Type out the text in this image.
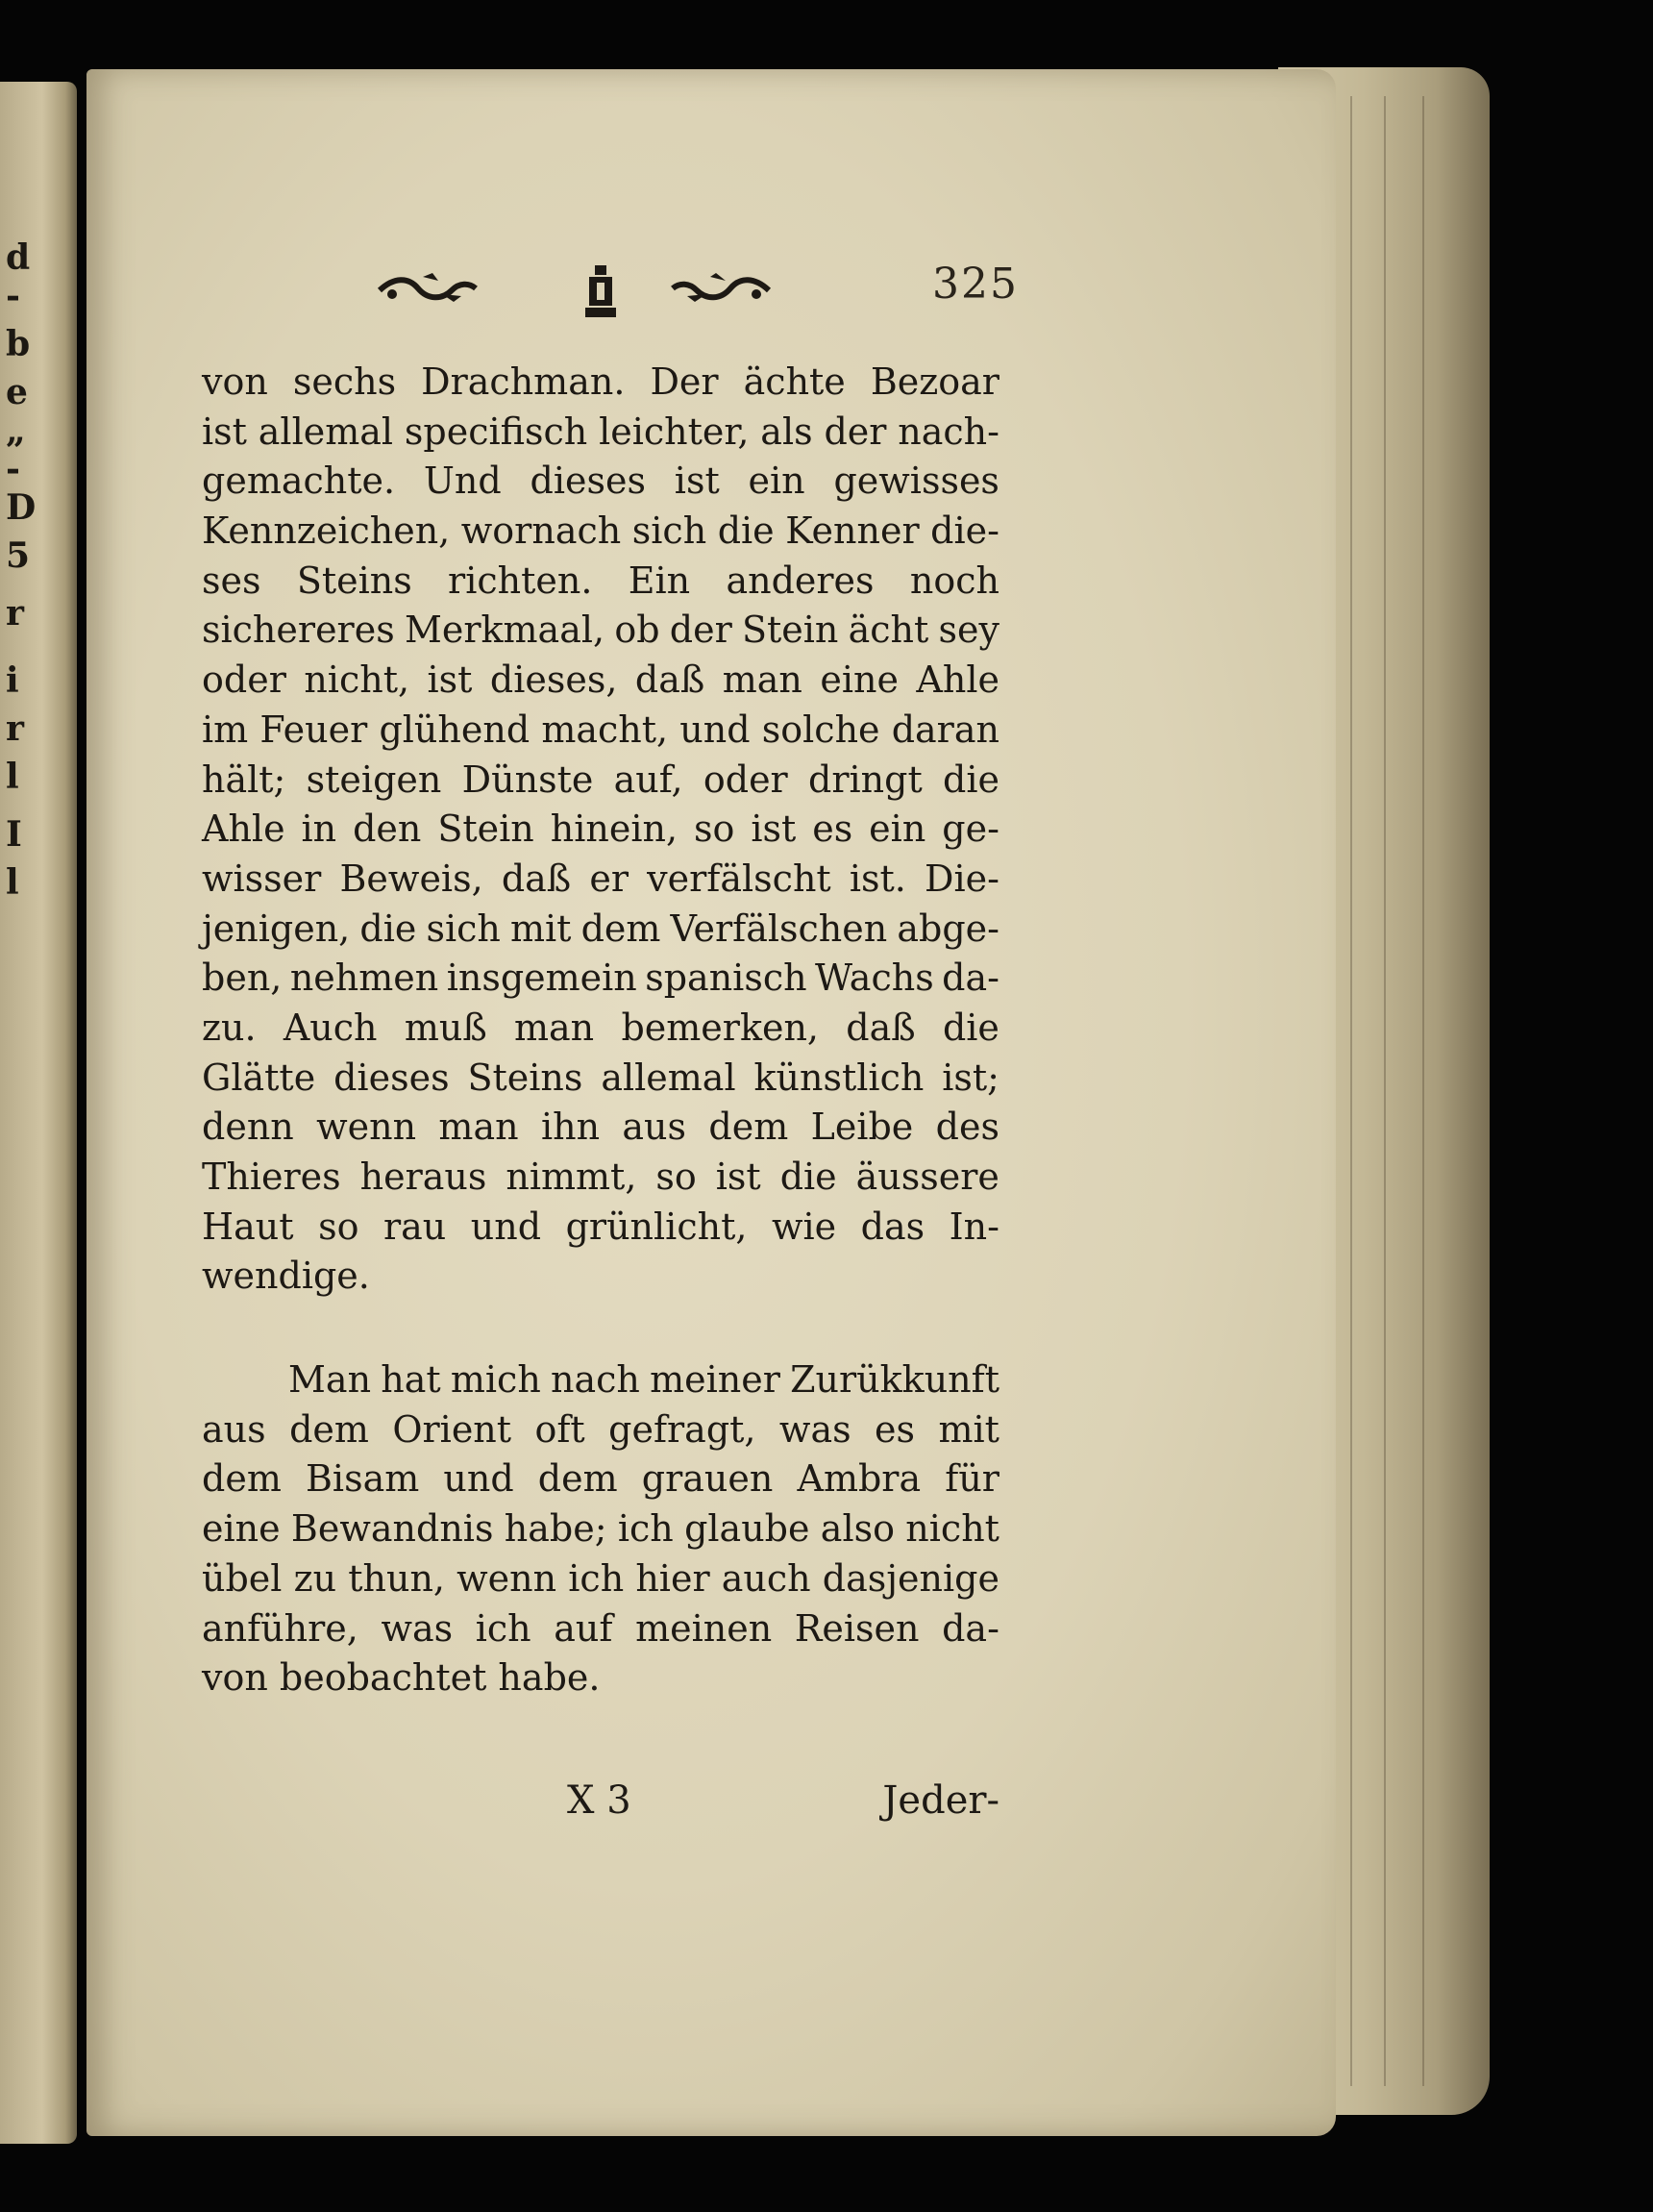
d
-
b
e
„
-
D
5
r
i
r
l
I
l
325
von sechs Drachman. Der ächte Bezoar
ist allemal specifisch leichter, als der nach-
gemachte. Und dieses ist ein gewisses
Kennzeichen, wornach sich die Kenner die-
ses Steins richten. Ein anderes noch
sichereres Merkmaal, ob der Stein ächt sey
oder nicht, ist dieses, daß man eine Ahle
im Feuer glühend macht, und solche daran
hält; steigen Dünste auf, oder dringt die
Ahle in den Stein hinein, so ist es ein ge-
wisser Beweis, daß er verfälscht ist. Die-
jenigen, die sich mit dem Verfälschen abge-
ben, nehmen insgemein spanisch Wachs da-
zu. Auch muß man bemerken, daß die
Glätte dieses Steins allemal künstlich ist;
denn wenn man ihn aus dem Leibe des
Thieres heraus nimmt, so ist die äussere
Haut so rau und grünlicht, wie das In-
wendige.
Man hat mich nach meiner Zurükkunft
aus dem Orient oft gefragt, was es mit
dem Bisam und dem grauen Ambra für
eine Bewandnis habe; ich glaube also nicht
übel zu thun, wenn ich hier auch dasjenige
anführe, was ich auf meinen Reisen da-
von beobachtet habe.
X 3	Jeder-
